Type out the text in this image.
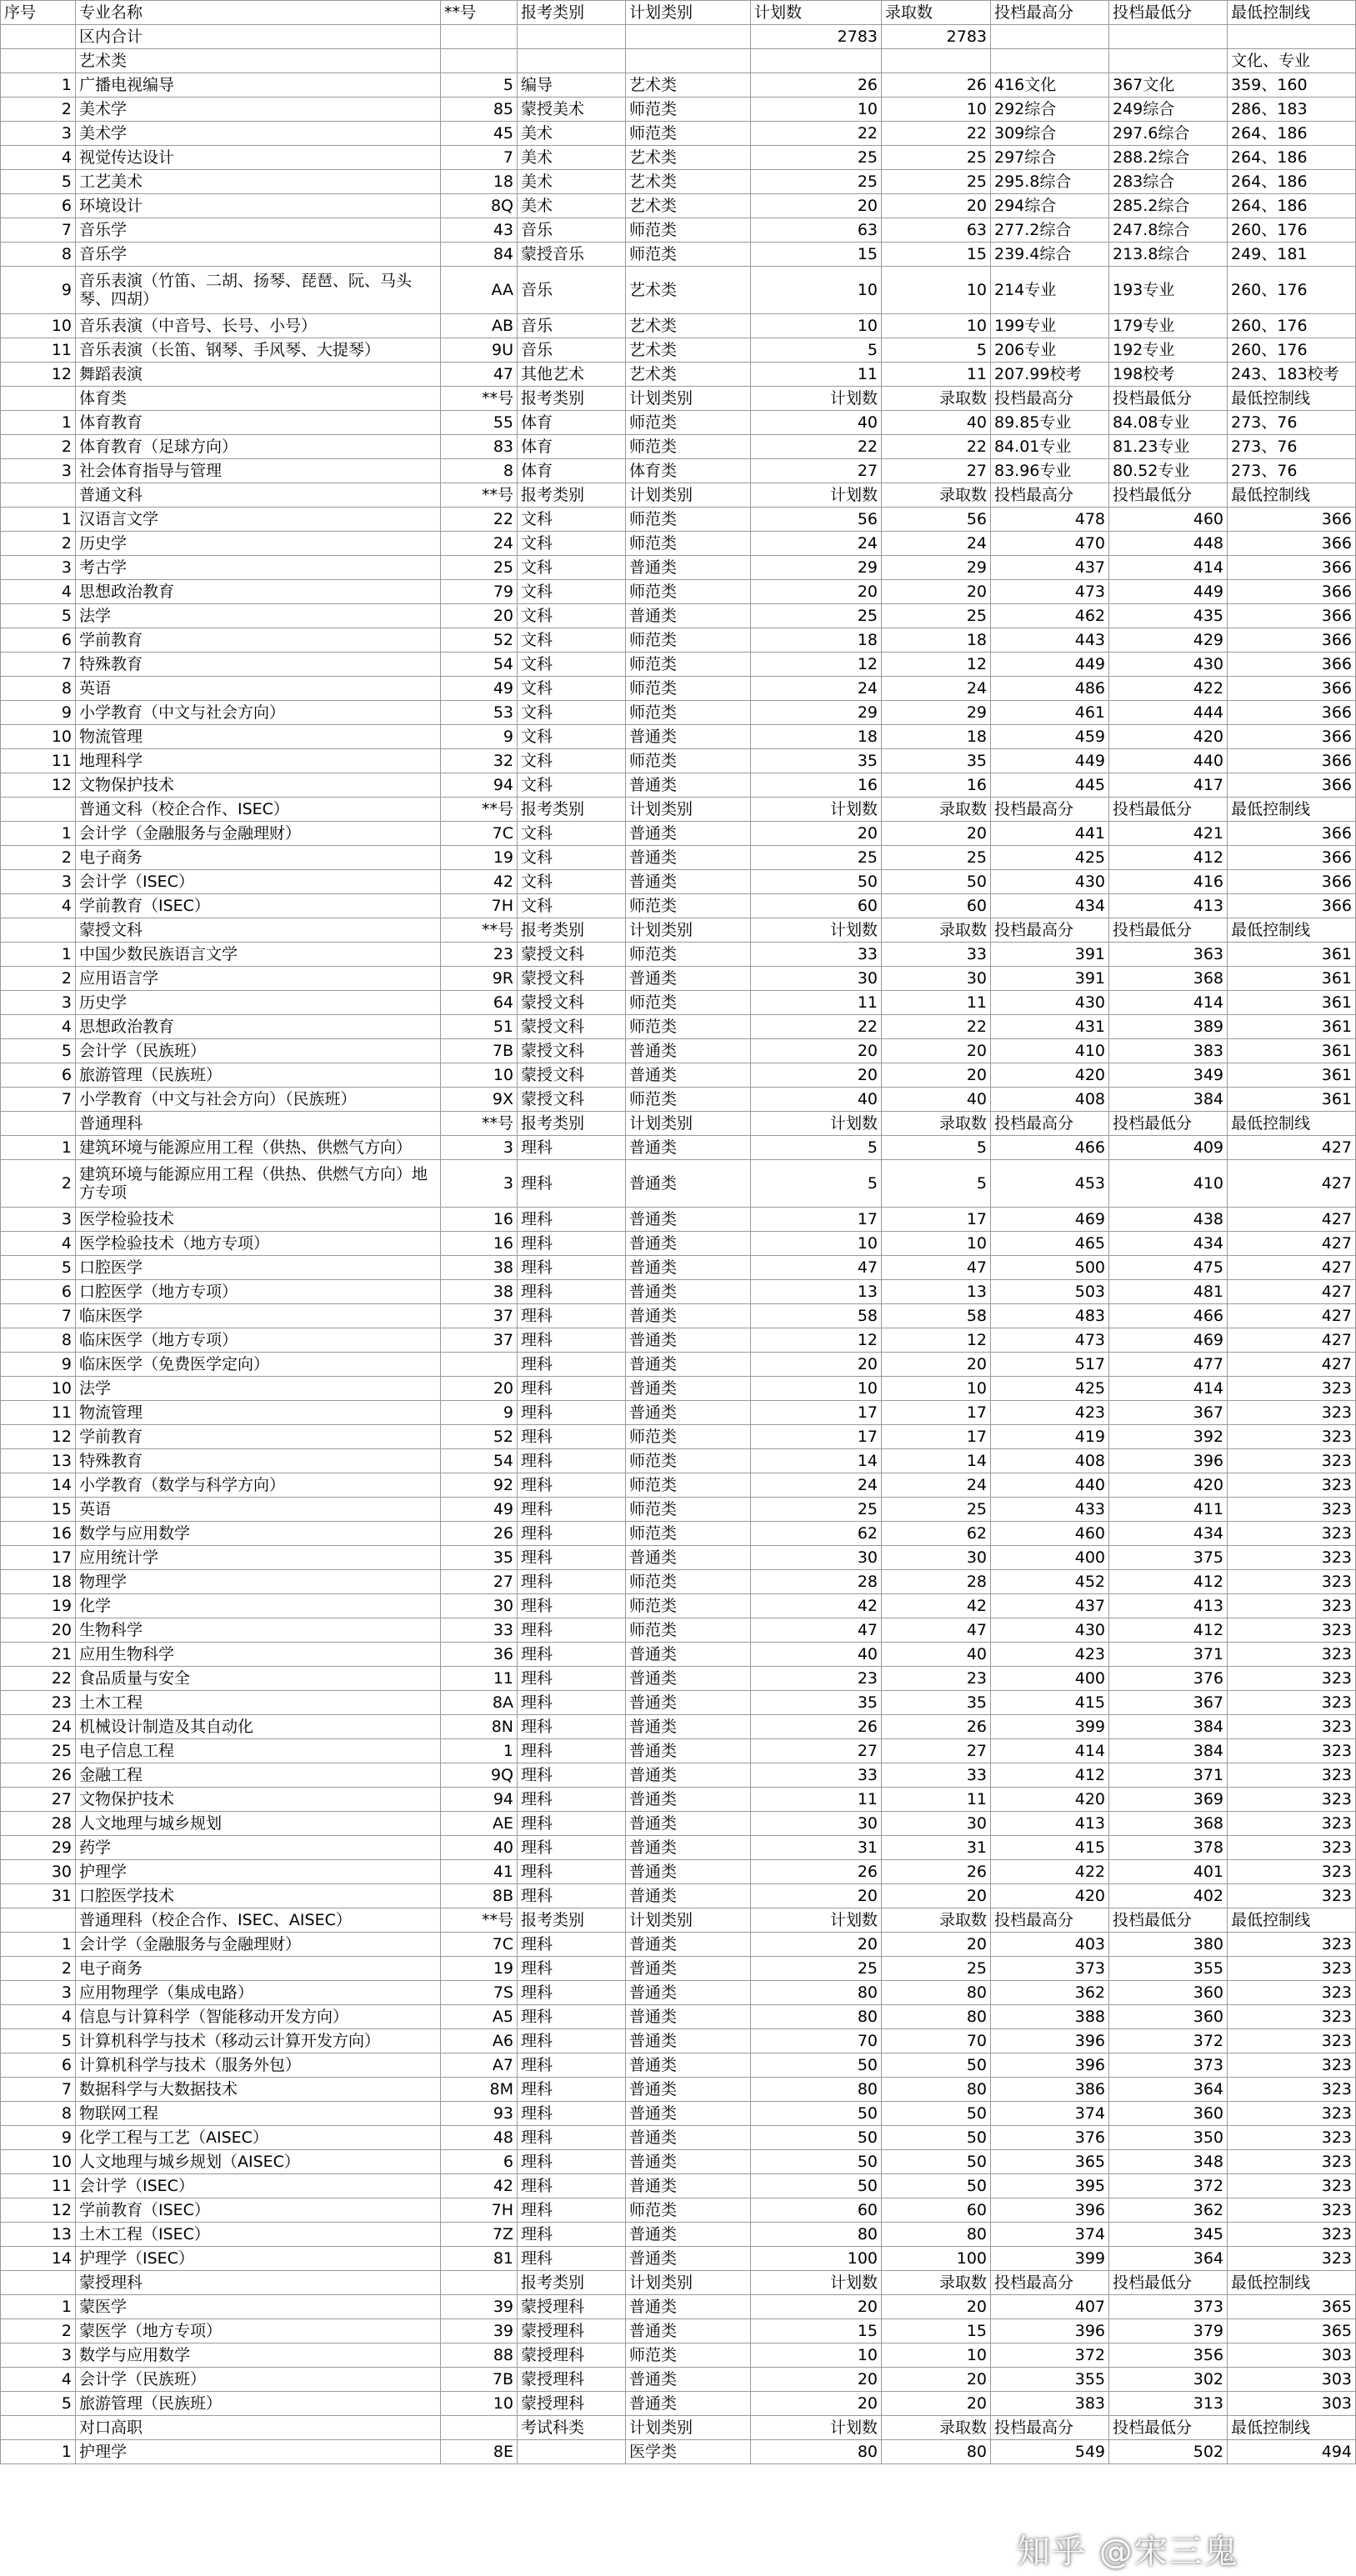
序号	专业名称	**号	报考类别	计划类别	计划数	录取数	投档最高分	投档最低分	最低控制线
	区内合计				2783	2783			
	艺术类								文化、专业
1	广播电视编导	5	编导	艺术类	26	26	416文化	367文化	359、160
2	美术学	85	蒙授美术	师范类	10	10	292综合	249综合	286、183
3	美术学	45	美术	师范类	22	22	309综合	297.6综合	264、186
4	视觉传达设计	7	美术	艺术类	25	25	297综合	288.2综合	264、186
5	工艺美术	18	美术	艺术类	25	25	295.8综合	283综合	264、186
6	环境设计	8Q	美术	艺术类	20	20	294综合	285.2综合	264、186
7	音乐学	43	音乐	师范类	63	63	277.2综合	247.8综合	260、176
8	音乐学	84	蒙授音乐	师范类	15	15	239.4综合	213.8综合	249、181
9	音乐表演（竹笛、二胡、扬琴、琵琶、阮、马头琴、四胡）	AA	音乐	艺术类	10	10	214专业	193专业	260、176
10	音乐表演（中音号、长号、小号）	AB	音乐	艺术类	10	10	199专业	179专业	260、176
11	音乐表演（长笛、钢琴、手风琴、大提琴）	9U	音乐	艺术类	5	5	206专业	192专业	260、176
12	舞蹈表演	47	其他艺术	艺术类	11	11	207.99校考	198校考	243、183校考
	体育类	**号	报考类别	计划类别	计划数	录取数	投档最高分	投档最低分	最低控制线
1	体育教育	55	体育	师范类	40	40	89.85专业	84.08专业	273、76
2	体育教育（足球方向）	83	体育	师范类	22	22	84.01专业	81.23专业	273、76
3	社会体育指导与管理	8	体育	体育类	27	27	83.96专业	80.52专业	273、76
	普通文科	**号	报考类别	计划类别	计划数	录取数	投档最高分	投档最低分	最低控制线
1	汉语言文学	22	文科	师范类	56	56	478	460	366
2	历史学	24	文科	师范类	24	24	470	448	366
3	考古学	25	文科	普通类	29	29	437	414	366
4	思想政治教育	79	文科	师范类	20	20	473	449	366
5	法学	20	文科	普通类	25	25	462	435	366
6	学前教育	52	文科	师范类	18	18	443	429	366
7	特殊教育	54	文科	师范类	12	12	449	430	366
8	英语	49	文科	师范类	24	24	486	422	366
9	小学教育（中文与社会方向）	53	文科	师范类	29	29	461	444	366
10	物流管理	9	文科	普通类	18	18	459	420	366
11	地理科学	32	文科	师范类	35	35	449	440	366
12	文物保护技术	94	文科	普通类	16	16	445	417	366
	普通文科（校企合作、ISEC）	**号	报考类别	计划类别	计划数	录取数	投档最高分	投档最低分	最低控制线
1	会计学（金融服务与金融理财）	7C	文科	普通类	20	20	441	421	366
2	电子商务	19	文科	普通类	25	25	425	412	366
3	会计学（ISEC）	42	文科	普通类	50	50	430	416	366
4	学前教育（ISEC）	7H	文科	师范类	60	60	434	413	366
	蒙授文科	**号	报考类别	计划类别	计划数	录取数	投档最高分	投档最低分	最低控制线
1	中国少数民族语言文学	23	蒙授文科	师范类	33	33	391	363	361
2	应用语言学	9R	蒙授文科	普通类	30	30	391	368	361
3	历史学	64	蒙授文科	师范类	11	11	430	414	361
4	思想政治教育	51	蒙授文科	师范类	22	22	431	389	361
5	会计学（民族班）	7B	蒙授文科	普通类	20	20	410	383	361
6	旅游管理（民族班）	10	蒙授文科	普通类	20	20	420	349	361
7	小学教育（中文与社会方向）（民族班）	9X	蒙授文科	师范类	40	40	408	384	361
	普通理科	**号	报考类别	计划类别	计划数	录取数	投档最高分	投档最低分	最低控制线
1	建筑环境与能源应用工程（供热、供燃气方向）	3	理科	普通类	5	5	466	409	427
2	建筑环境与能源应用工程（供热、供燃气方向）地方专项	3	理科	普通类	5	5	453	410	427
3	医学检验技术	16	理科	普通类	17	17	469	438	427
4	医学检验技术（地方专项）	16	理科	普通类	10	10	465	434	427
5	口腔医学	38	理科	普通类	47	47	500	475	427
6	口腔医学（地方专项）	38	理科	普通类	13	13	503	481	427
7	临床医学	37	理科	普通类	58	58	483	466	427
8	临床医学（地方专项）	37	理科	普通类	12	12	473	469	427
9	临床医学（免费医学定向）		理科	普通类	20	20	517	477	427
10	法学	20	理科	普通类	10	10	425	414	323
11	物流管理	9	理科	普通类	17	17	423	367	323
12	学前教育	52	理科	师范类	17	17	419	392	323
13	特殊教育	54	理科	师范类	14	14	408	396	323
14	小学教育（数学与科学方向）	92	理科	师范类	24	24	440	420	323
15	英语	49	理科	师范类	25	25	433	411	323
16	数学与应用数学	26	理科	师范类	62	62	460	434	323
17	应用统计学	35	理科	普通类	30	30	400	375	323
18	物理学	27	理科	师范类	28	28	452	412	323
19	化学	30	理科	师范类	42	42	437	413	323
20	生物科学	33	理科	师范类	47	47	430	412	323
21	应用生物科学	36	理科	普通类	40	40	423	371	323
22	食品质量与安全	11	理科	普通类	23	23	400	376	323
23	土木工程	8A	理科	普通类	35	35	415	367	323
24	机械设计制造及其自动化	8N	理科	普通类	26	26	399	384	323
25	电子信息工程	1	理科	普通类	27	27	414	384	323
26	金融工程	9Q	理科	普通类	33	33	412	371	323
27	文物保护技术	94	理科	普通类	11	11	420	369	323
28	人文地理与城乡规划	AE	理科	普通类	30	30	413	368	323
29	药学	40	理科	普通类	31	31	415	378	323
30	护理学	41	理科	普通类	26	26	422	401	323
31	口腔医学技术	8B	理科	普通类	20	20	420	402	323
	普通理科（校企合作、ISEC、AISEC）	**号	报考类别	计划类别	计划数	录取数	投档最高分	投档最低分	最低控制线
1	会计学（金融服务与金融理财）	7C	理科	普通类	20	20	403	380	323
2	电子商务	19	理科	普通类	25	25	373	355	323
3	应用物理学（集成电路）	7S	理科	普通类	80	80	362	360	323
4	信息与计算科学（智能移动开发方向）	A5	理科	普通类	80	80	388	360	323
5	计算机科学与技术（移动云计算开发方向）	A6	理科	普通类	70	70	396	372	323
6	计算机科学与技术（服务外包）	A7	理科	普通类	50	50	396	373	323
7	数据科学与大数据技术	8M	理科	普通类	80	80	386	364	323
8	物联网工程	93	理科	普通类	50	50	374	360	323
9	化学工程与工艺（AISEC）	48	理科	普通类	50	50	376	350	323
10	人文地理与城乡规划（AISEC）	6	理科	普通类	50	50	365	348	323
11	会计学（ISEC）	42	理科	普通类	50	50	395	372	323
12	学前教育（ISEC）	7H	理科	师范类	60	60	396	362	323
13	土木工程（ISEC）	7Z	理科	普通类	80	80	374	345	323
14	护理学（ISEC）	81	理科	普通类	100	100	399	364	323
	蒙授理科		报考类别	计划类别	计划数	录取数	投档最高分	投档最低分	最低控制线
1	蒙医学	39	蒙授理科	普通类	20	20	407	373	365
2	蒙医学（地方专项）	39	蒙授理科	普通类	15	15	396	379	365
3	数学与应用数学	88	蒙授理科	师范类	10	10	372	356	303
4	会计学（民族班）	7B	蒙授理科	普通类	20	20	355	302	303
5	旅游管理（民族班）	10	蒙授理科	普通类	20	20	383	313	303
	对口高职		考试科类	计划类别	计划数	录取数	投档最高分	投档最低分	最低控制线
1	护理学	8E		医学类	80	80	549	502	494
知乎 @宋三鬼
